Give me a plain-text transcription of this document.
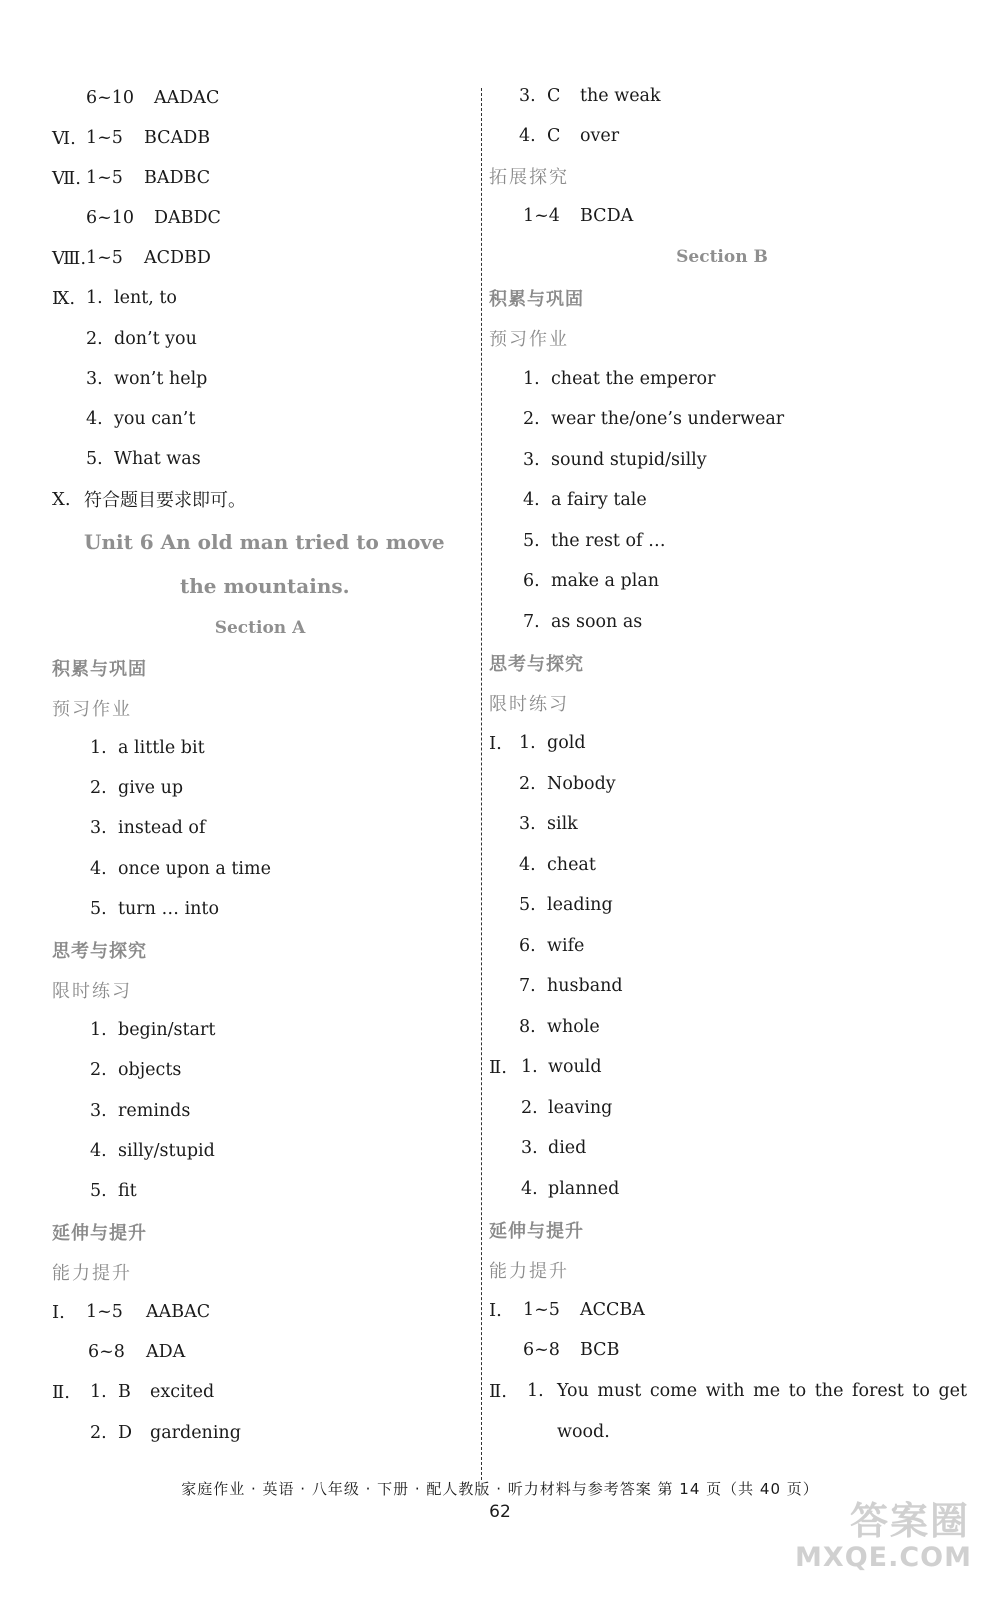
6~10 AADAC
Ⅵ. 1~5 BCADB
Ⅶ. 1~5 BADBC
6~10 DABDC
Ⅷ. 1~5 ACDBD
Ⅸ. 1. lent, to
2. don’t you
3. won’t help
4. you can’t
5. What was
Ⅹ. 符合题目要求即可。
Unit 6 An old man tried to move
the mountains.
Section A
积累与巩固
预习作业
1. a little bit
2. give up
3. instead of
4. once upon a time
5. turn … into
思考与探究
限时练习
1. begin/start
2. objects
3. reminds
4. silly/stupid
5. fit
延伸与提升
能力提升
Ⅰ. 1~5 AABAC
6~8 ADA
Ⅱ. 1. B excited
2. D gardening
3. C the weak
4. C over
拓展探究
1~4 BCDA
Section B
积累与巩固
预习作业
1. cheat the emperor
2. wear the/one’s underwear
3. sound stupid/silly
4. a fairy tale
5. the rest of …
6. make a plan
7. as soon as
思考与探究
限时练习
Ⅰ. 1. gold
2. Nobody
3. silk
4. cheat
5. leading
6. wife
7. husband
8. whole
Ⅱ. 1. would
2. leaving
3. died
4. planned
延伸与提升
能力提升
Ⅰ. 1~5 ACCBA
6~8 BCB
Ⅱ. 1. You must come with me to the forest to get
wood.
家庭作业 · 英语 · 八年级 · 下册 · 配人教版 · 听力材料与参考答案 第 14 页（共 40 页）
62	答案圈
MXQE.COM
